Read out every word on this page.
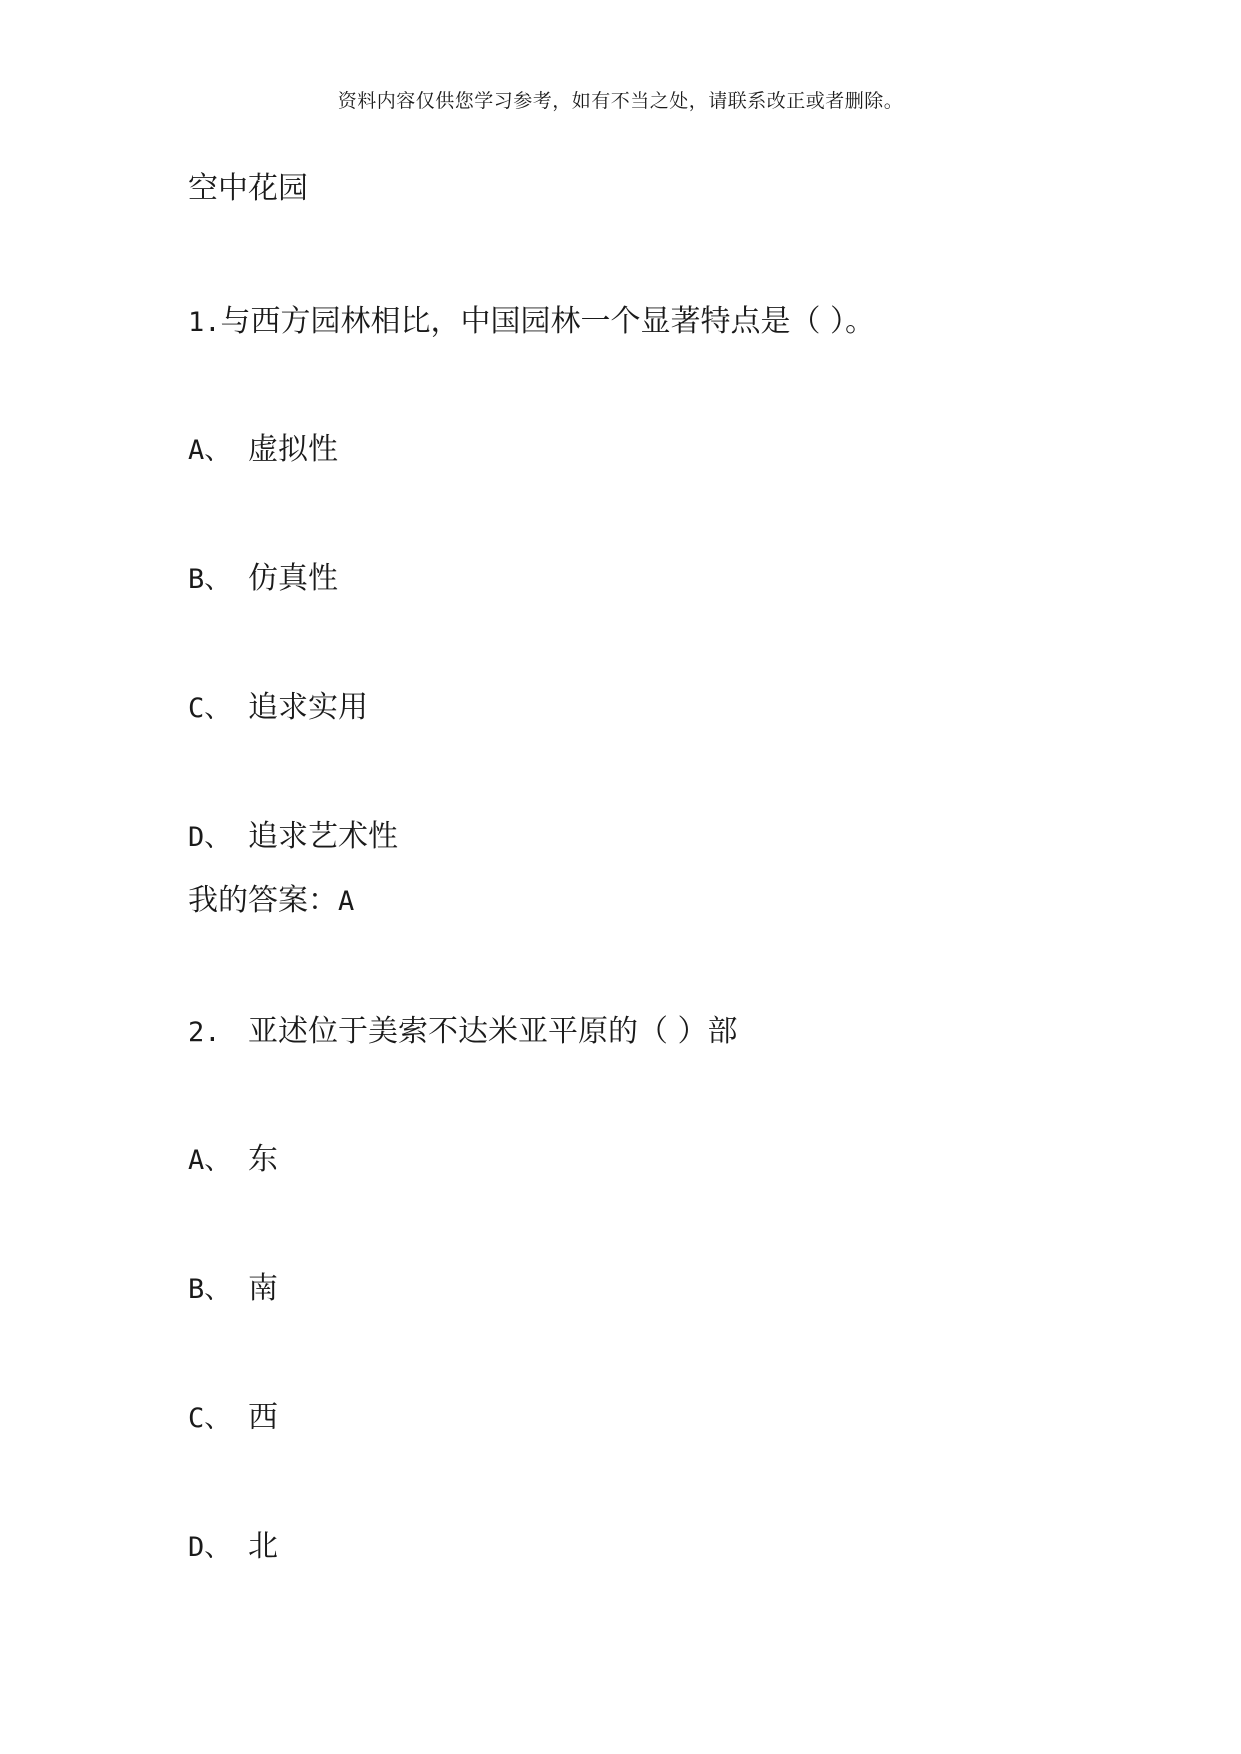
资料内容仅供您学习参考，如有不当之处，请联系改正或者删除。
空中花园
1.与西方园林相比，中国园林一个显著特点是（ ）。
A、 虚拟性
B、 仿真性
C、 追求实用
D、 追求艺术性
我的答案：A
2. 亚述位于美索不达米亚平原的（ ）部
A、 东
B、 南
C、 西
D、 北
